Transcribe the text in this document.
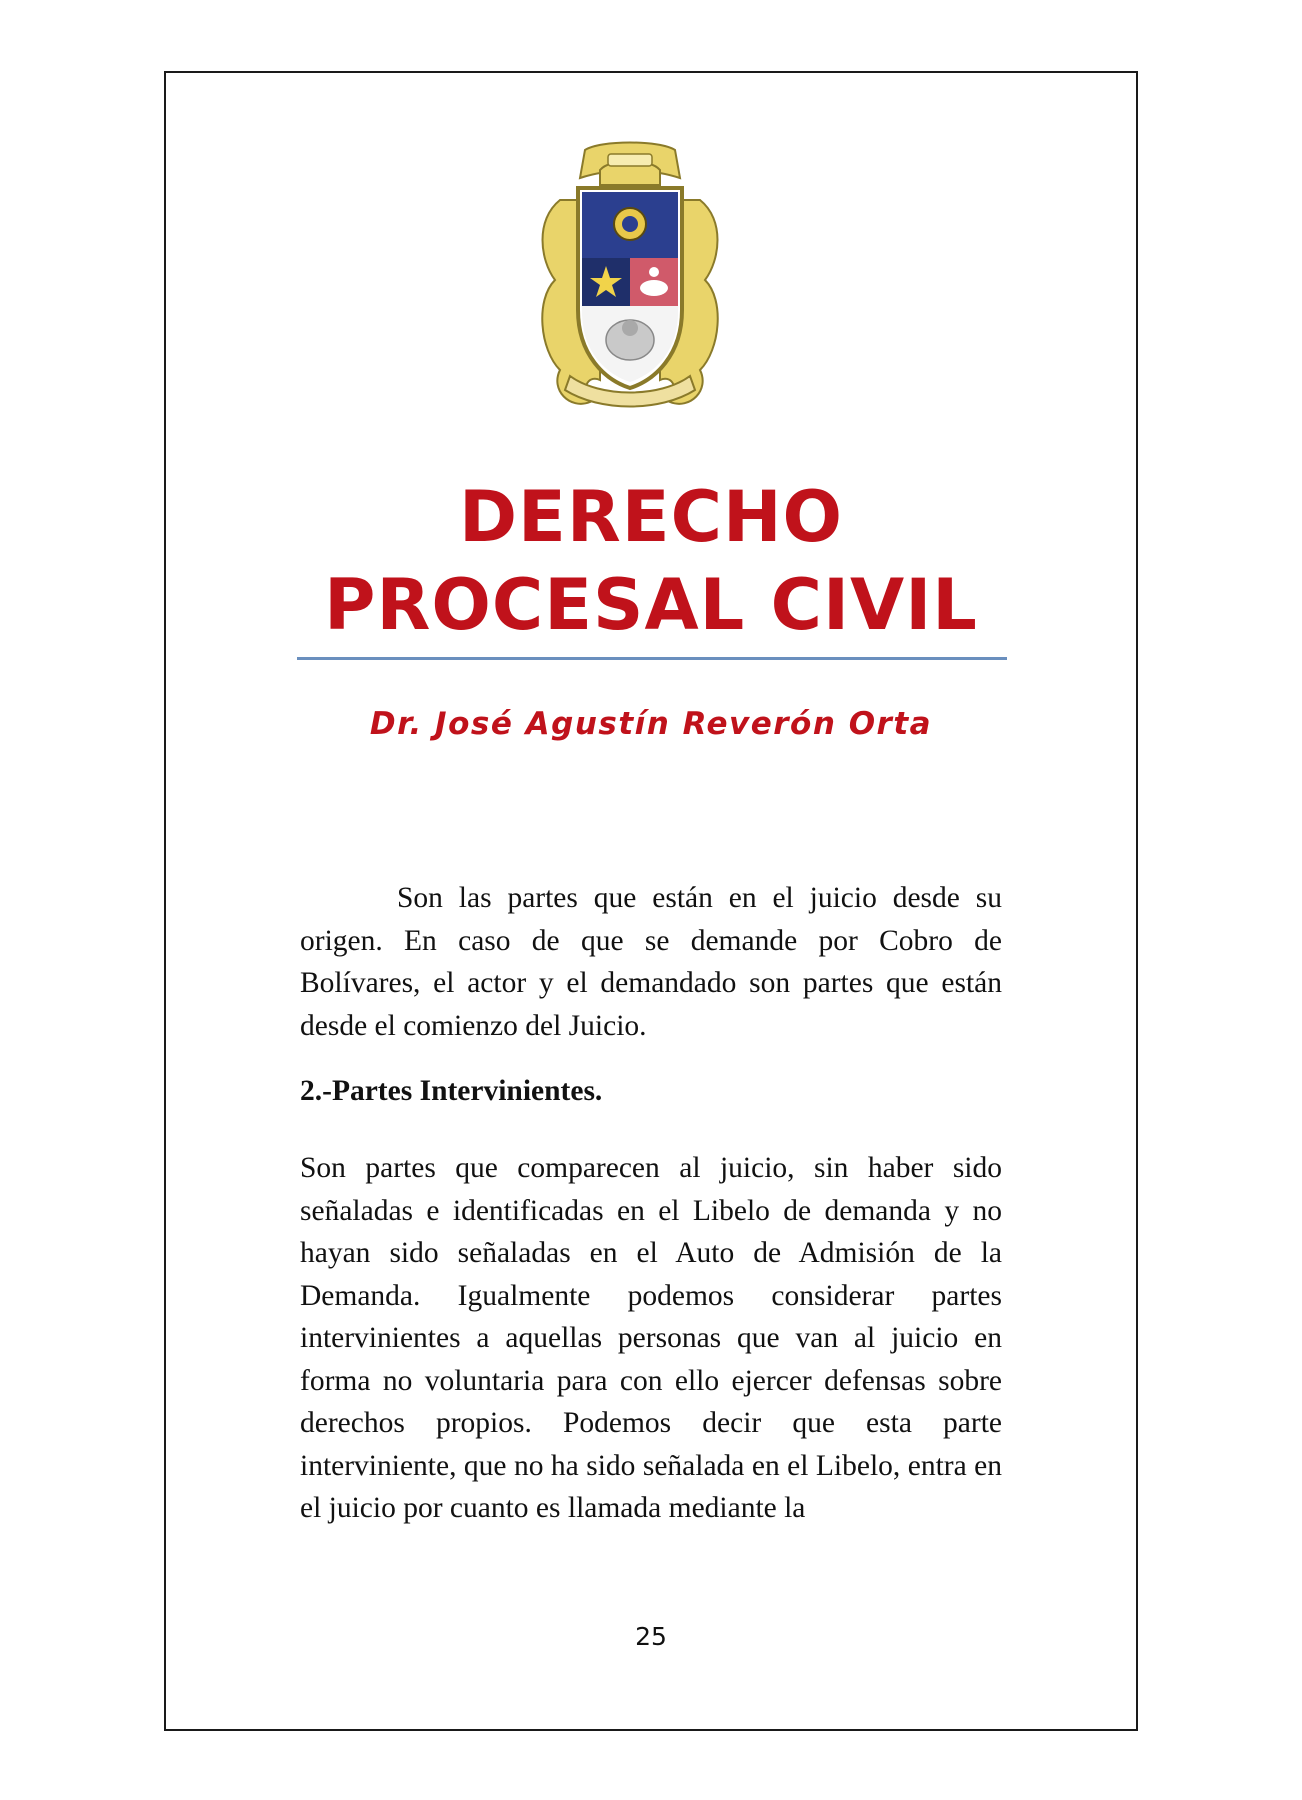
DERECHO
PROCESAL CIVIL

Dr. José Agustín Reverón Orta

Son las partes que están en el juicio desde su origen. En caso de que se demande por Cobro de Bolívares, el actor y el demandado son partes que están desde el comienzo del Juicio.

2.-Partes Intervinientes.

Son partes que comparecen al juicio, sin haber sido señaladas e identificadas en el Libelo de demanda y no hayan sido señaladas en el Auto de Admisión de la Demanda. Igualmente podemos considerar partes intervinientes a aquellas personas que van al juicio en forma no voluntaria para con ello ejercer defensas sobre derechos propios. Podemos decir que esta parte interviniente, que no ha sido señalada en el Libelo, entra en el juicio por cuanto es llamada mediante la

25
